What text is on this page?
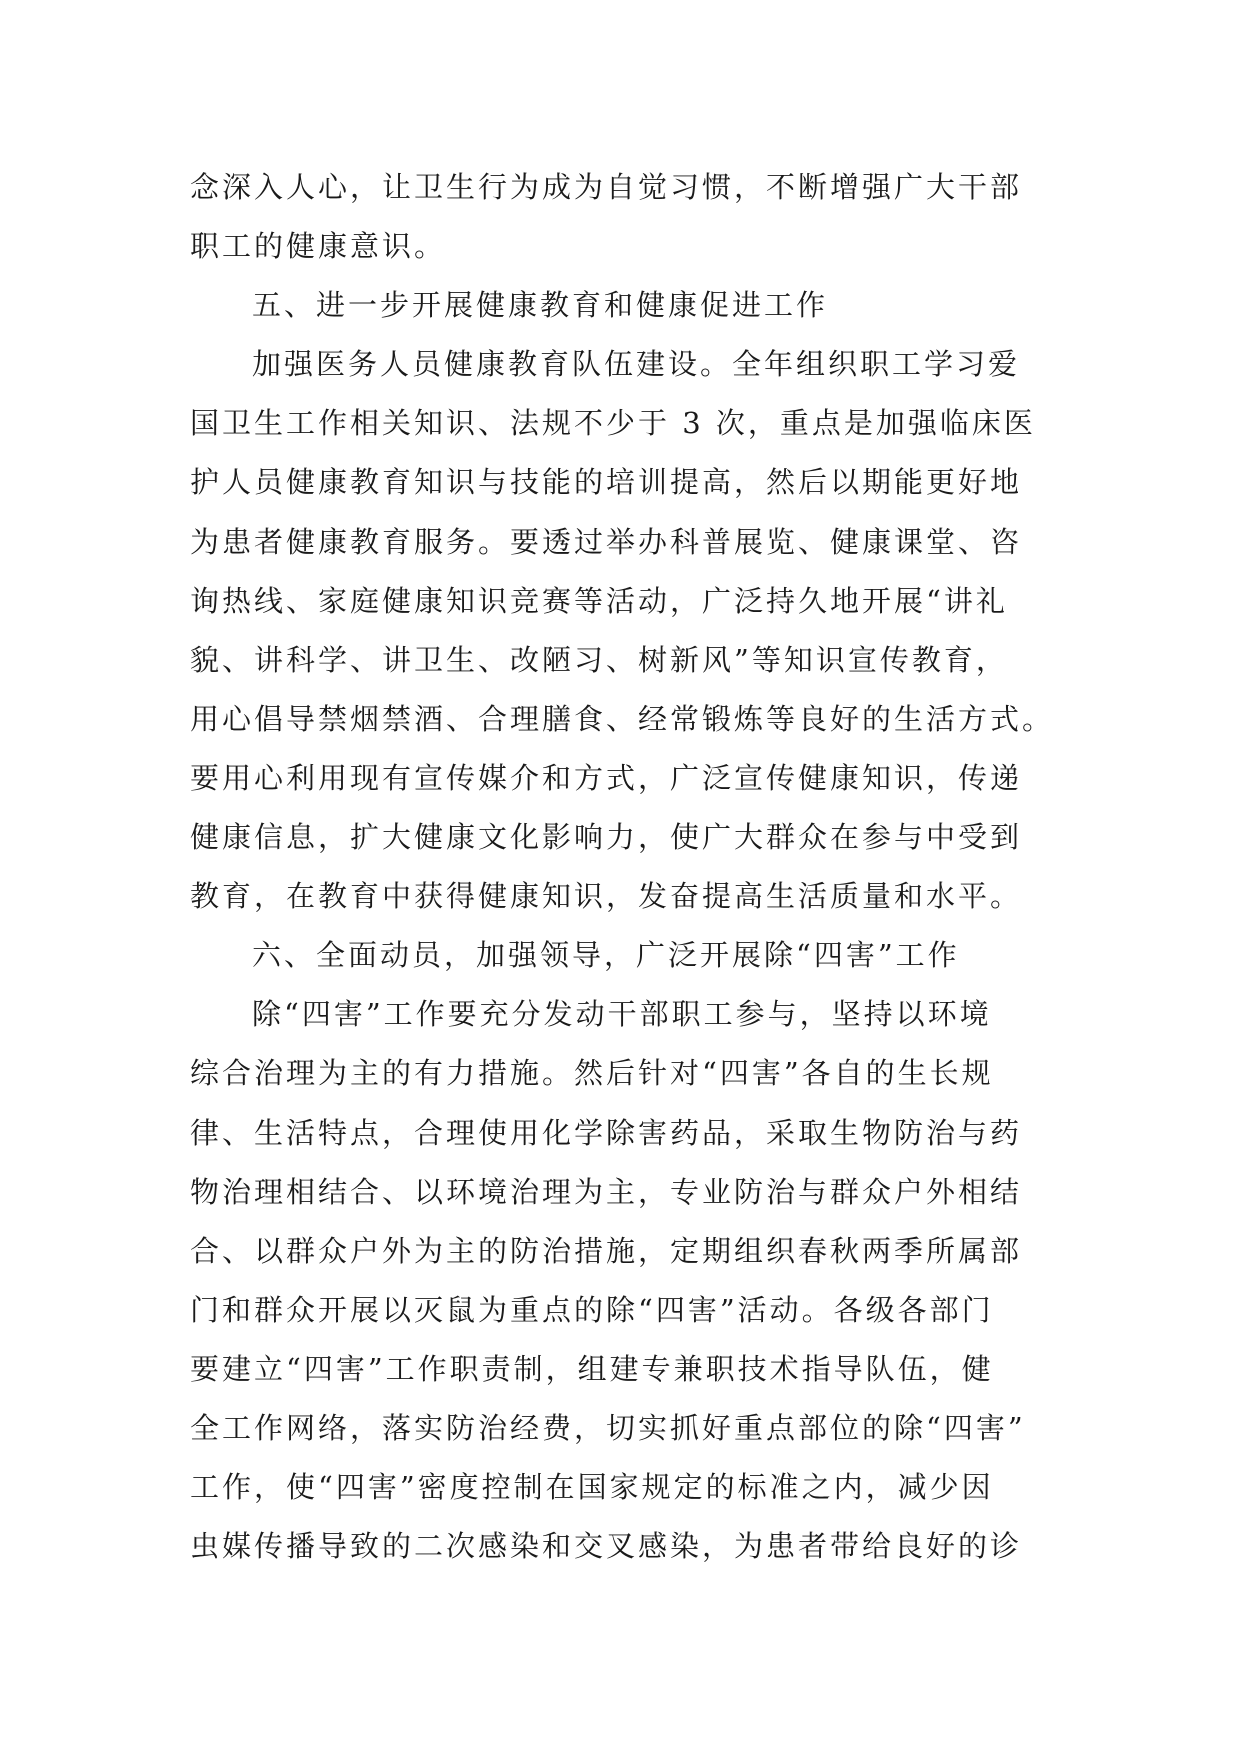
念深入人心，让卫生行为成为自觉习惯，不断增强广大干部
职工的健康意识。
五、进一步开展健康教育和健康促进工作
加强医务人员健康教育队伍建设。全年组织职工学习爱
国卫生工作相关知识、法规不少于 3 次，重点是加强临床医
护人员健康教育知识与技能的培训提高，然后以期能更好地
为患者健康教育服务。要透过举办科普展览、健康课堂、咨
询热线、家庭健康知识竞赛等活动，广泛持久地开展“讲礼
貌、讲科学、讲卫生、改陋习、树新风”等知识宣传教育，
用心倡导禁烟禁酒、合理膳食、经常锻炼等良好的生活方式。
要用心利用现有宣传媒介和方式，广泛宣传健康知识，传递
健康信息，扩大健康文化影响力，使广大群众在参与中受到
教育，在教育中获得健康知识，发奋提高生活质量和水平。
六、全面动员，加强领导，广泛开展除“四害”工作
除“四害”工作要充分发动干部职工参与，坚持以环境
综合治理为主的有力措施。然后针对“四害”各自的生长规
律、生活特点，合理使用化学除害药品，采取生物防治与药
物治理相结合、以环境治理为主，专业防治与群众户外相结
合、以群众户外为主的防治措施，定期组织春秋两季所属部
门和群众开展以灭鼠为重点的除“四害”活动。各级各部门
要建立“四害”工作职责制，组建专兼职技术指导队伍，健
全工作网络，落实防治经费，切实抓好重点部位的除“四害”
工作，使“四害”密度控制在国家规定的标准之内，减少因
虫媒传播导致的二次感染和交叉感染，为患者带给良好的诊
